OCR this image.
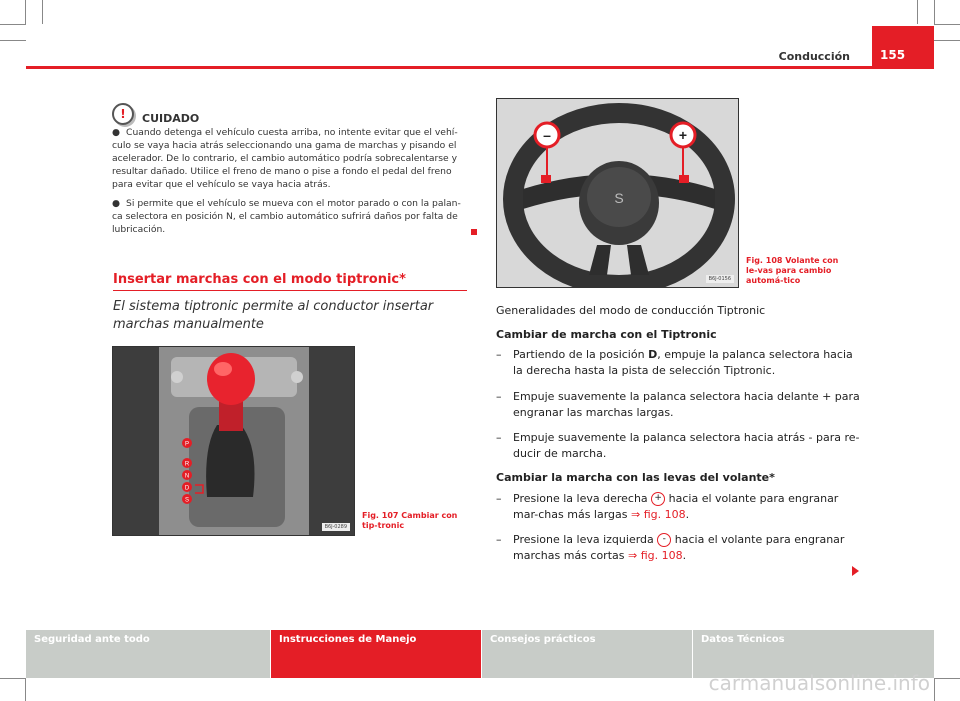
Conducción	155
!	CUIDADO

● Cuando detenga el vehículo cuesta arriba, no intente evitar que el vehí-culo se vaya hacia atrás seleccionando una gama de marchas y pisando el acelerador. De lo contrario, el cambio automático podría sobrecalentarse y resultar dañado. Utilice el freno de mano o pise a fondo el pedal del freno para evitar que el vehículo se vaya hacia atrás.

● Si permite que el vehículo se mueva con el motor parado o con la palan-ca selectora en posición N, el cambio automático sufrirá daños por falta de lubricación.

Insertar marchas con el modo tiptronic*
El sistema tiptronic permite al conductor insertar marchas manualmente
P
R
N
D
S
B6J-0289
Fig. 107 Cambiar con tip-tronic
S
–	+
B6J-0156
Fig. 108 Volante con le-vas para cambio automá-tico
Generalidades del modo de conducción Tiptronic
Cambiar de marcha con el Tiptronic
– Partiendo de la posición D, empuje la palanca selectora hacia la derecha hasta la pista de selección Tiptronic.
– Empuje suavemente la palanca selectora hacia delante + para engranar las marchas largas.
– Empuje suavemente la palanca selectora hacia atrás - para re-ducir de marcha.
Cambiar la marcha con las levas del volante*
– Presione la leva derecha + hacia el volante para engranar mar-chas más largas ⇒ fig. 108.
– Presione la leva izquierda - hacia el volante para engranar marchas más cortas ⇒ fig. 108.
Seguridad ante todo	Instrucciones de Manejo	Consejos prácticos	Datos Técnicos
carmanualsonline.info
